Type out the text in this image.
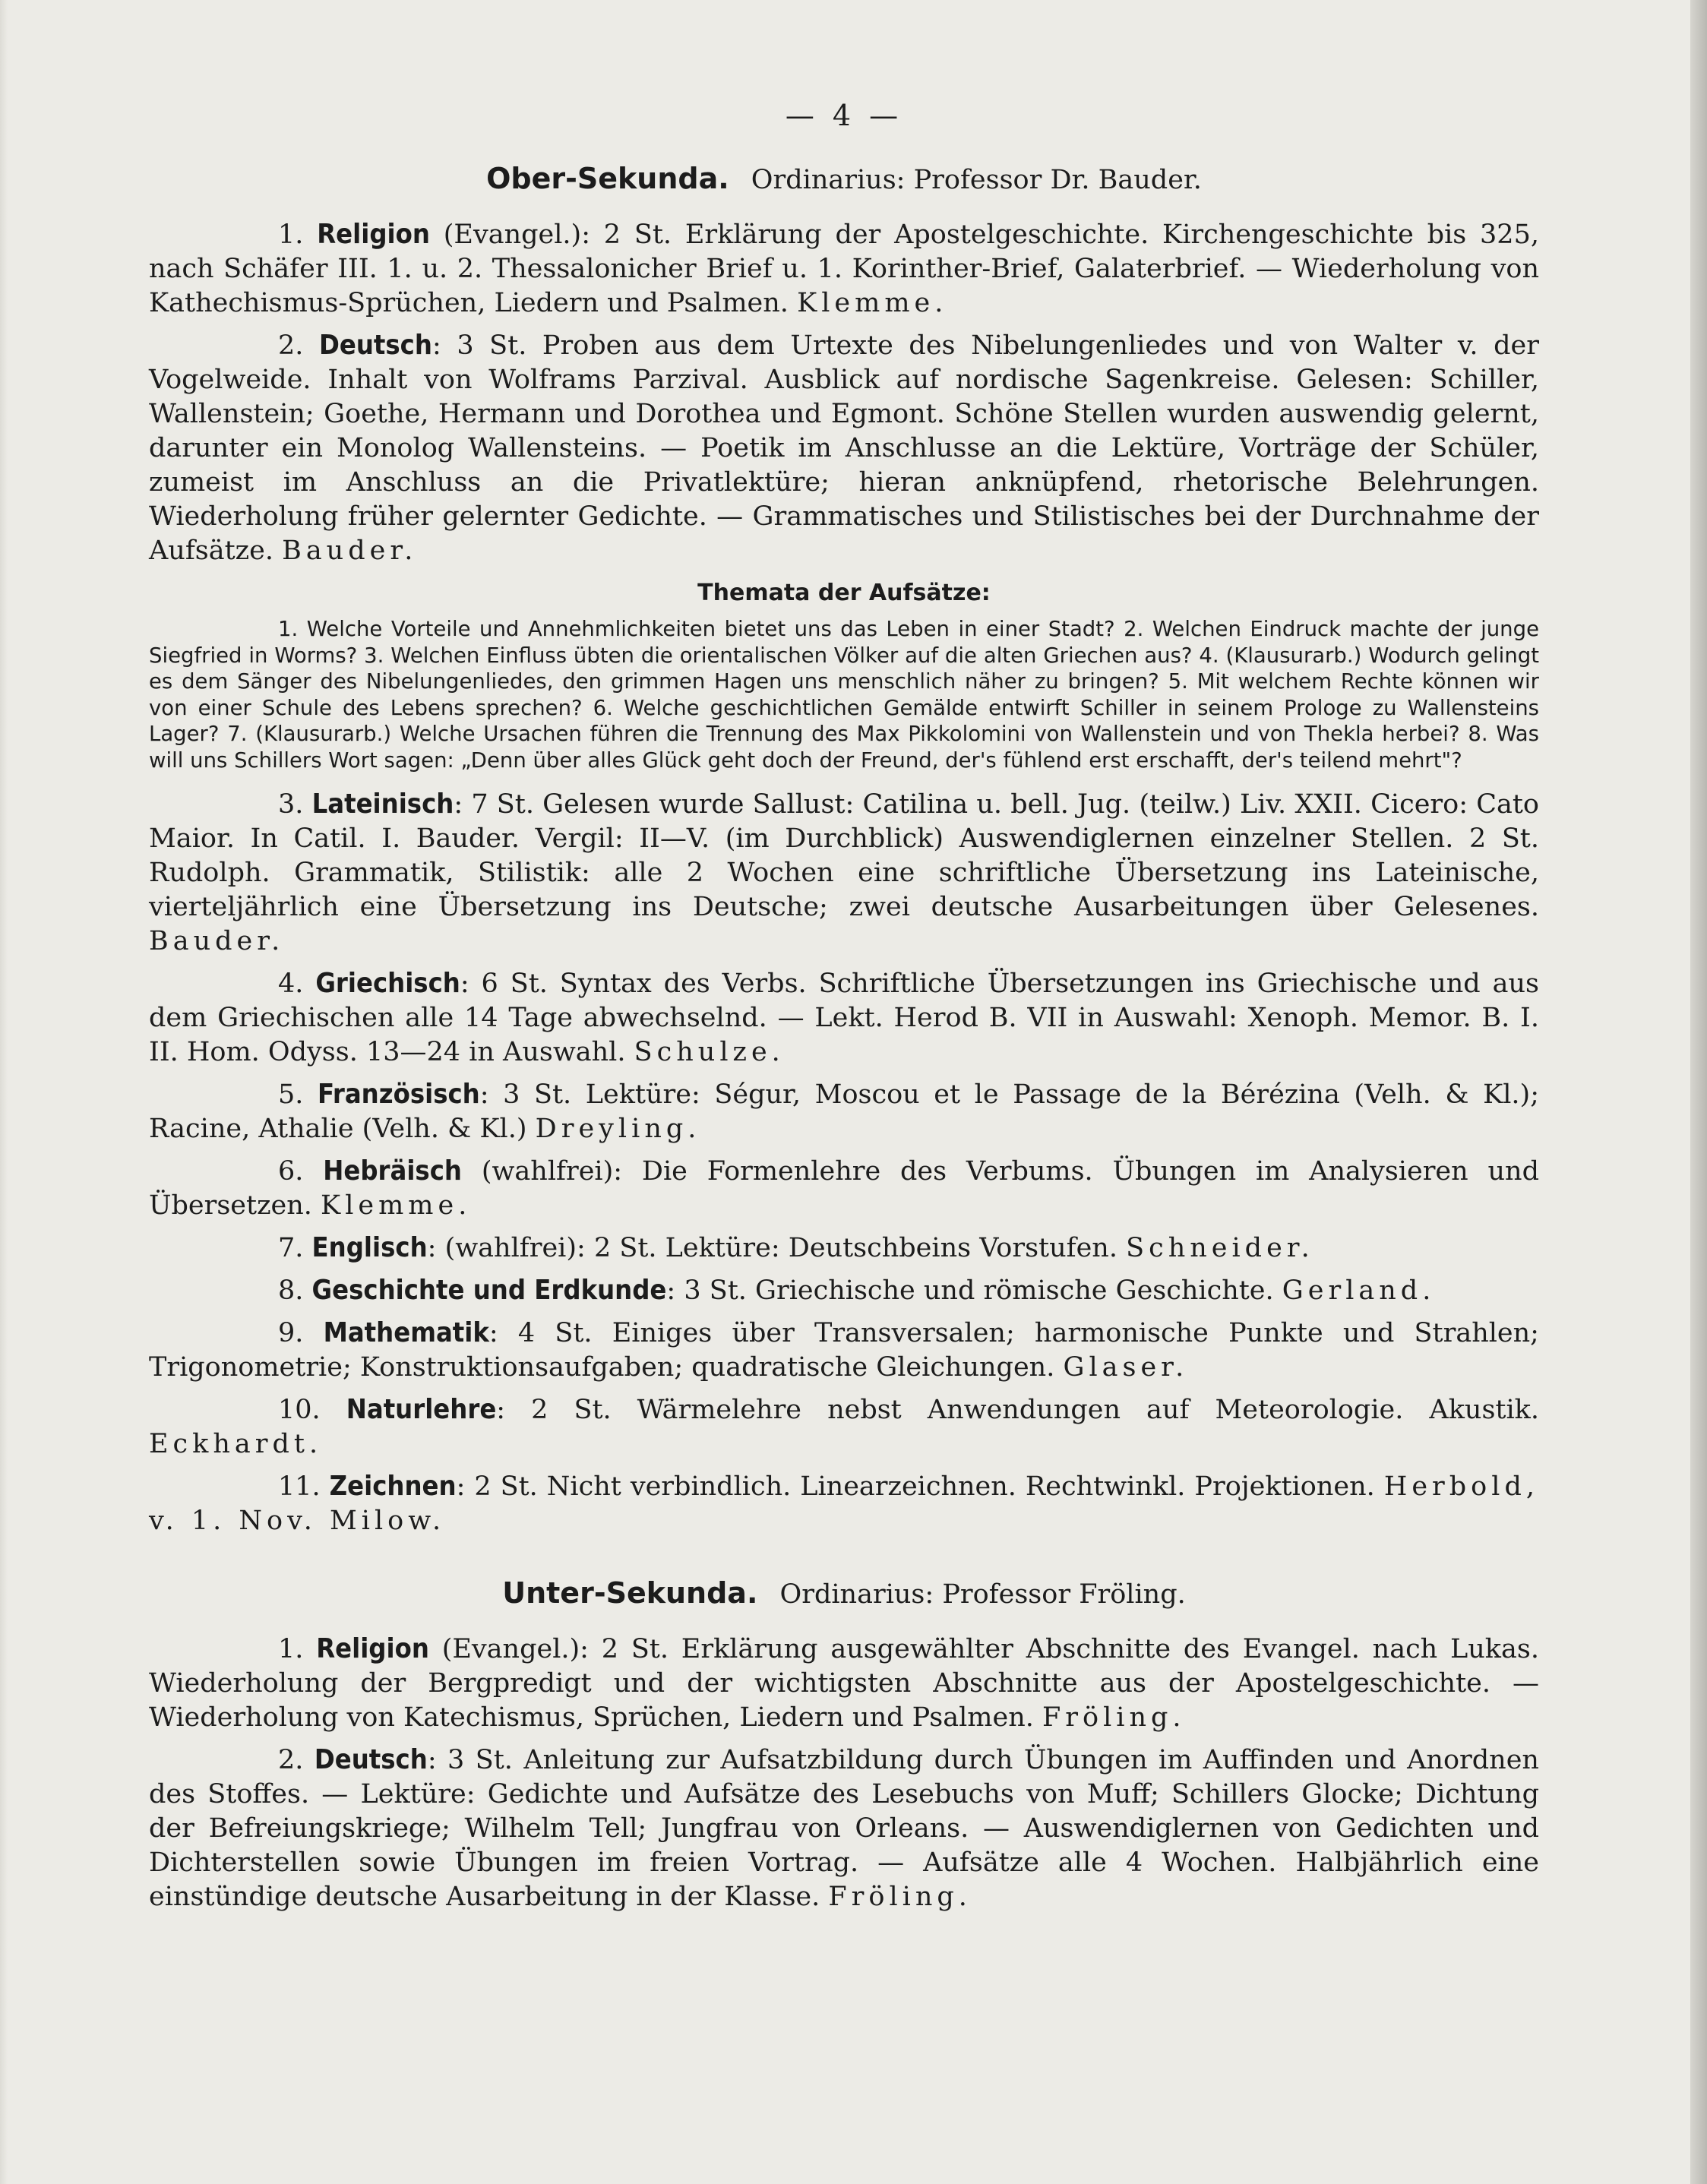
— 4 —
Ober-Sekunda. Ordinarius: Professor Dr. Bauder.

1. Religion (Evangel.): 2 St. Erklärung der Apostelgeschichte. Kirchengeschichte bis 325, nach Schäfer III. 1. u. 2. Thessalonicher Brief u. 1. Korinther-Brief, Galaterbrief. — Wiederholung von Kathechismus-Sprüchen, Liedern und Psalmen. Klemme.

2. Deutsch: 3 St. Proben aus dem Urtexte des Nibelungenliedes und von Walter v. der Vogelweide. Inhalt von Wolframs Parzival. Ausblick auf nordische Sagenkreise. Gelesen: Schiller, Wallenstein; Goethe, Hermann und Dorothea und Egmont. Schöne Stellen wurden auswendig gelernt, darunter ein Monolog Wallensteins. — Poetik im Anschlusse an die Lektüre, Vorträge der Schüler, zumeist im Anschluss an die Privatlektüre; hieran anknüpfend, rhetorische Belehrungen. Wiederholung früher gelernter Gedichte. — Grammatisches und Stilistisches bei der Durchnahme der Aufsätze. Bauder.

Themata der Aufsätze:

1. Welche Vorteile und Annehmlichkeiten bietet uns das Leben in einer Stadt? 2. Welchen Eindruck machte der junge Siegfried in Worms? 3. Welchen Einfluss übten die orientalischen Völker auf die alten Griechen aus? 4. (Klausurarb.) Wodurch gelingt es dem Sänger des Nibelungenliedes, den grimmen Hagen uns menschlich näher zu bringen? 5. Mit welchem Rechte können wir von einer Schule des Lebens sprechen? 6. Welche geschichtlichen Gemälde entwirft Schiller in seinem Prologe zu Wallensteins Lager? 7. (Klausurarb.) Welche Ursachen führen die Trennung des Max Pikkolomini von Wallenstein und von Thekla herbei? 8. Was will uns Schillers Wort sagen: „Denn über alles Glück geht doch der Freund, der's fühlend erst erschafft, der's teilend mehrt"?

3. Lateinisch: 7 St. Gelesen wurde Sallust: Catilina u. bell. Jug. (teilw.) Liv. XXII. Cicero: Cato Maior. In Catil. I. Bauder. Vergil: II—V. (im Durchblick) Auswendiglernen einzelner Stellen. 2 St. Rudolph. Grammatik, Stilistik: alle 2 Wochen eine schriftliche Übersetzung ins Lateinische, vierteljährlich eine Übersetzung ins Deutsche; zwei deutsche Ausarbeitungen über Gelesenes. Bauder.

4. Griechisch: 6 St. Syntax des Verbs. Schriftliche Übersetzungen ins Griechische und aus dem Griechischen alle 14 Tage abwechselnd. — Lekt. Herod B. VII in Auswahl: Xenoph. Memor. B. I. II. Hom. Odyss. 13—24 in Auswahl. Schulze.

5. Französisch: 3 St. Lektüre: Ségur, Moscou et le Passage de la Bérézina (Velh. & Kl.); Racine, Athalie (Velh. & Kl.) Dreyling.

6. Hebräisch (wahlfrei): Die Formenlehre des Verbums. Übungen im Analysieren und Übersetzen. Klemme.

7. Englisch: (wahlfrei): 2 St. Lektüre: Deutschbeins Vorstufen. Schneider.

8. Geschichte und Erdkunde: 3 St. Griechische und römische Geschichte. Gerland.

9. Mathematik: 4 St. Einiges über Transversalen; harmonische Punkte und Strahlen; Trigonometrie; Konstruktionsaufgaben; quadratische Gleichungen. Glaser.

10. Naturlehre: 2 St. Wärmelehre nebst Anwendungen auf Meteorologie. Akustik. Eckhardt.

11. Zeichnen: 2 St. Nicht verbindlich. Linearzeichnen. Rechtwinkl. Projektionen. Herbold, v. 1. Nov. Milow.

Unter-Sekunda. Ordinarius: Professor Fröling.

1. Religion (Evangel.): 2 St. Erklärung ausgewählter Abschnitte des Evangel. nach Lukas. Wiederholung der Bergpredigt und der wichtigsten Abschnitte aus der Apostelgeschichte. — Wiederholung von Katechismus, Sprüchen, Liedern und Psalmen. Fröling.

2. Deutsch: 3 St. Anleitung zur Aufsatzbildung durch Übungen im Auffinden und Anordnen des Stoffes. — Lektüre: Gedichte und Aufsätze des Lesebuchs von Muff; Schillers Glocke; Dichtung der Befreiungskriege; Wilhelm Tell; Jungfrau von Orleans. — Auswendiglernen von Gedichten und Dichterstellen sowie Übungen im freien Vortrag. — Aufsätze alle 4 Wochen. Halbjährlich eine einstündige deutsche Ausarbeitung in der Klasse. Fröling.
